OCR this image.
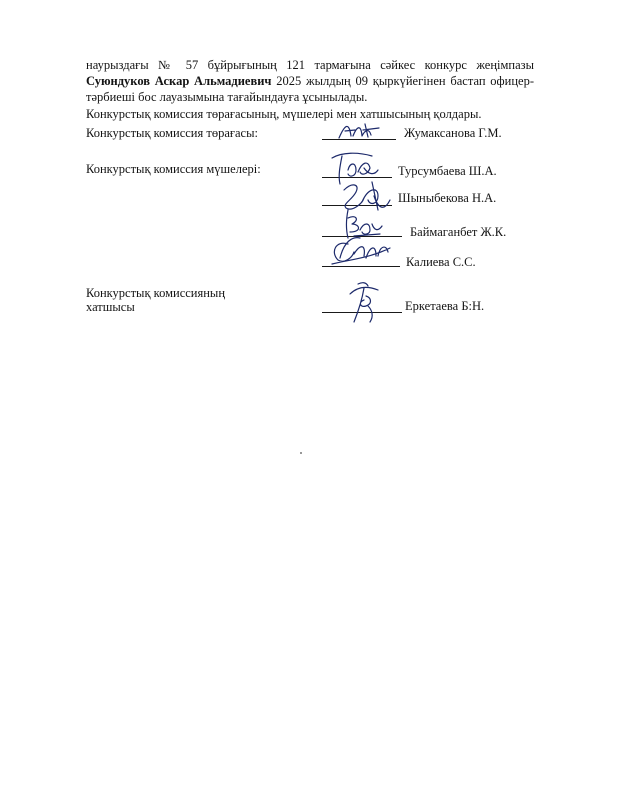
наурыздағы № 57 бұйрығының 121 тармағына сәйкес конкурс жеңімпазы Суюндуков Аскар Альмадиевич 2025 жылдың 09 қыркүйегінен бастап офицер-тәрбиеші бос лауазымына тағайындауға ұсынылады.

Конкурстық комиссия төрағасының, мүшелері мен хатшысының қолдары.
Конкурстық комиссия төрағасы:	Жумаксанова Г.М.
Конкурстық комиссия мүшелері:	Турсумбаева Ш.А.
Шыныбекова Н.А.
Баймаганбет Ж.К.
Калиева С.С.
Конкурстық комиссияның
хатшысы	Еркетаева Б:Н.
